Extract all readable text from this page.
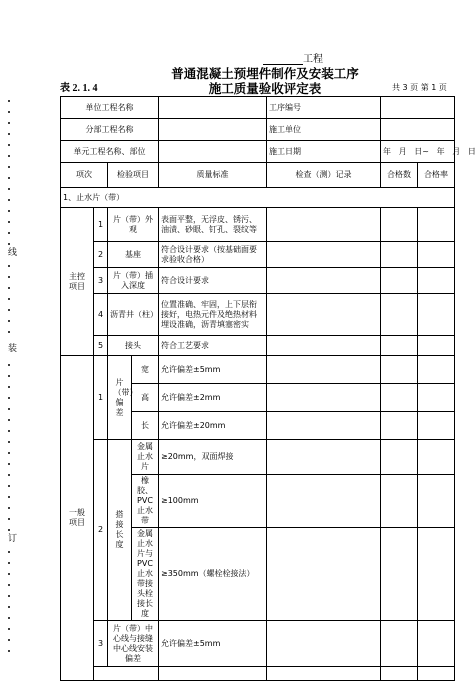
线
装
订
工程
普通混凝土预埋件制作及安装工序
施工质量验收评定表
表 2. 1. 4	共 3 页 第 1 页
单位工程名称					工序编号		
分部工程名称					施工单位		
单元工程名称、部位					施工日期	年   月   日~   年   月   日	
项次		检验项目		质量标准	检查（测）记录	合格数	合格率
1、止水片（带）							

主控项目	1	片（带）外观		表面平整，无浮皮、锈污、油渍、砂眼、钉孔、裂纹等			
	2	基座		符合设计要求（按基础面要求验收合格）			
	3	片（带）插入深度		符合设计要求			
	4	沥青井（柱）		位置准确、牢固，上下层衔接好，电热元件及绝热材料埋设准确，沥青填塞密实			
	5	接头		符合工艺要求			

一般项目	1	片（带）偏差	宽	允许偏差±5mm			
			高	允许偏差±2mm			
			长	允许偏差±20mm			
	2	搭接长度	金属止水片	≥20mm，双面焊接			
			橡胶、PVC止水带	≥100mm			
			金属止水片与PVC止水带接头栓接长度	≥350mm（螺栓栓接法）			
	3	片（带）中心线与接缝中心线安装偏差		允许偏差±5mm			
